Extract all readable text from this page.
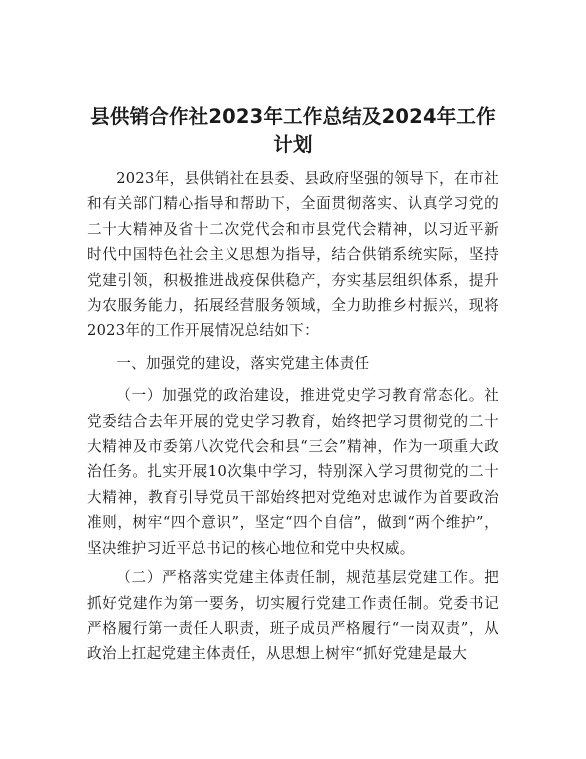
县供销合作社2023年工作总结及2024年工作
计划

2023年，县供销社在县委、县政府坚强的领导下，在市社和有关部门精心指导和帮助下，全面贯彻落实、认真学习党的二十大精神及省十二次党代会和市县党代会精神，以习近平新时代中国特色社会主义思想为指导，结合供销系统实际，坚持党建引领，积极推进战疫保供稳产，夯实基层组织体系，提升为农服务能力，拓展经营服务领域，全力助推乡村振兴，现将2023年的工作开展情况总结如下：

一、加强党的建设，落实党建主体责任

（一）加强党的政治建设，推进党史学习教育常态化。社党委结合去年开展的党史学习教育，始终把学习贯彻党的二十大精神及市委第八次党代会和县“三会”精神，作为一项重大政治任务。扎实开展10次集中学习，特别深入学习贯彻党的二十大精神，教育引导党员干部始终把对党绝对忠诚作为首要政治准则，树牢“四个意识”，坚定“四个自信”，做到“两个维护”，坚决维护习近平总书记的核心地位和党中央权威。

（二）严格落实党建主体责任制，规范基层党建工作。把抓好党建作为第一要务，切实履行党建工作责任制。党委书记严格履行第一责任人职责，班子成员严格履行“一岗双责”，从政治上扛起党建主体责任，从思想上树牢“抓好党建是最大
